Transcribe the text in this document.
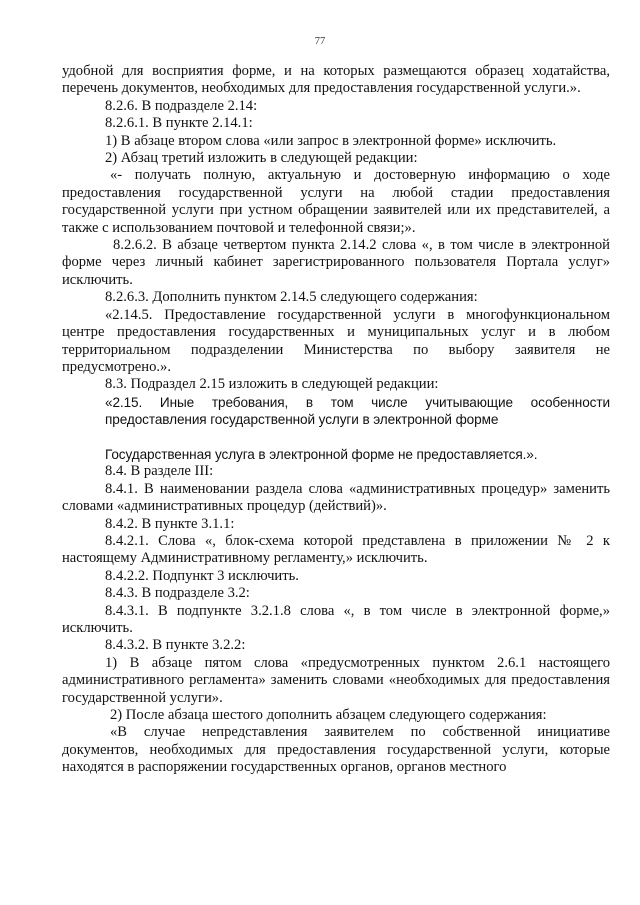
77

удобной для восприятия форме, и на которых размещаются образец ходатайства, перечень документов, необходимых для предоставления государственной услуги.».

8.2.6. В подразделе 2.14:

8.2.6.1. В пункте 2.14.1:

1) В абзаце втором слова «или запрос в электронной форме» исключить.

2) Абзац третий изложить в следующей редакции:

«- получать полную, актуальную и достоверную информацию о ходе предоставления государственной услуги на любой стадии предоставления государственной услуги при устном обращении заявителей или их представителей, а также с использованием почтовой и телефонной связи;».

8.2.6.2. В абзаце четвертом пункта 2.14.2 слова «, в том числе в электронной форме через личный кабинет зарегистрированного пользователя Портала услуг» исключить.

8.2.6.3. Дополнить пунктом 2.14.5 следующего содержания:

«2.14.5. Предоставление государственной услуги в многофункциональном центре предоставления государственных и муниципальных услуг и в любом территориальном подразделении Министерства по выбору заявителя не предусмотрено.».

8.3. Подраздел 2.15 изложить в следующей редакции:

«2.15. Иные требования, в том числе учитывающие особенности предоставления государственной услуги в электронной форме

Государственная услуга в электронной форме не предоставляется.».

8.4. В разделе III:

8.4.1. В наименовании раздела слова «административных процедур» заменить словами «административных процедур (действий)».

8.4.2. В пункте 3.1.1:

8.4.2.1. Слова «, блок-схема которой представлена в приложении № 2 к настоящему Административному регламенту,» исключить.

8.4.2.2. Подпункт 3 исключить.

8.4.3. В подразделе 3.2:

8.4.3.1. В подпункте 3.2.1.8 слова «, в том числе в электронной форме,» исключить.

8.4.3.2. В пункте 3.2.2:

1) В абзаце пятом слова «предусмотренных пунктом 2.6.1 настоящего административного регламента» заменить словами «необходимых для предоставления государственной услуги».

2) После абзаца шестого дополнить абзацем следующего содержания:

«В случае непредставления заявителем по собственной инициативе документов, необходимых для предоставления государственной услуги, которые находятся в распоряжении государственных органов, органов местного
